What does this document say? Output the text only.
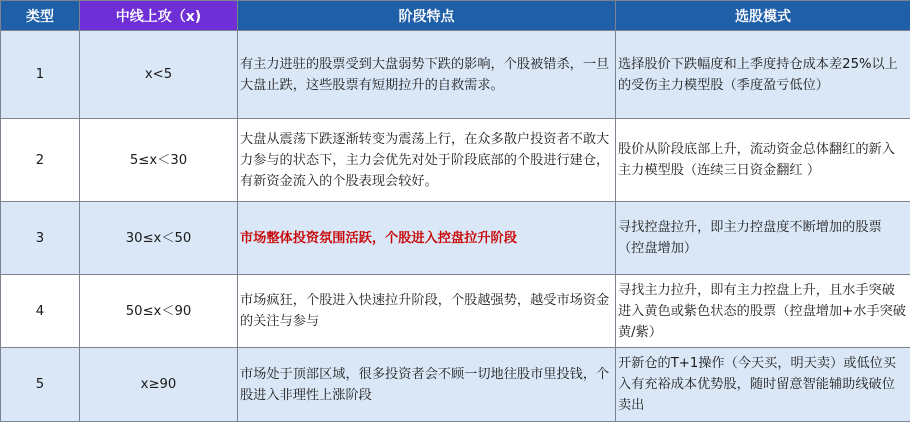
类型	中线上攻（x)	阶段特点	选股模式
1	x<5	有主力进驻的股票受到大盘弱势下跌的影响，个股被错杀，一旦大盘止跌，这些股票有短期拉升的自救需求。	选择股价下跌幅度和上季度持仓成本差25%以上的受伤主力模型股（季度盈亏低位）
2	5≤x＜30	大盘从震荡下跌逐渐转变为震荡上行，在众多散户投资者不敢大力参与的状态下，主力会优先对处于阶段底部的个股进行建仓，有新资金流入的个股表现会较好。	股价从阶段底部上升，流动资金总体翻红的新入主力模型股（连续三日资金翻红 ）
3	30≤x＜50	市场整体投资氛围活跃，个股进入控盘拉升阶段	寻找控盘拉升，即主力控盘度不断增加的股票（控盘增加）
4	50≤x＜90	市场疯狂，个股进入快速拉升阶段，个股越强势，越受市场资金的关注与参与	寻找主力拉升，即有主力控盘上升，且水手突破进入黄色或紫色状态的股票（控盘增加+水手突破黄/紫）
5	x≥90	市场处于顶部区域，很多投资者会不顾一切地往股市里投钱，个股进入非理性上涨阶段	开新仓的T+1操作（今天买，明天卖）或低位买入有充裕成本优势股，随时留意智能辅助线破位卖出
